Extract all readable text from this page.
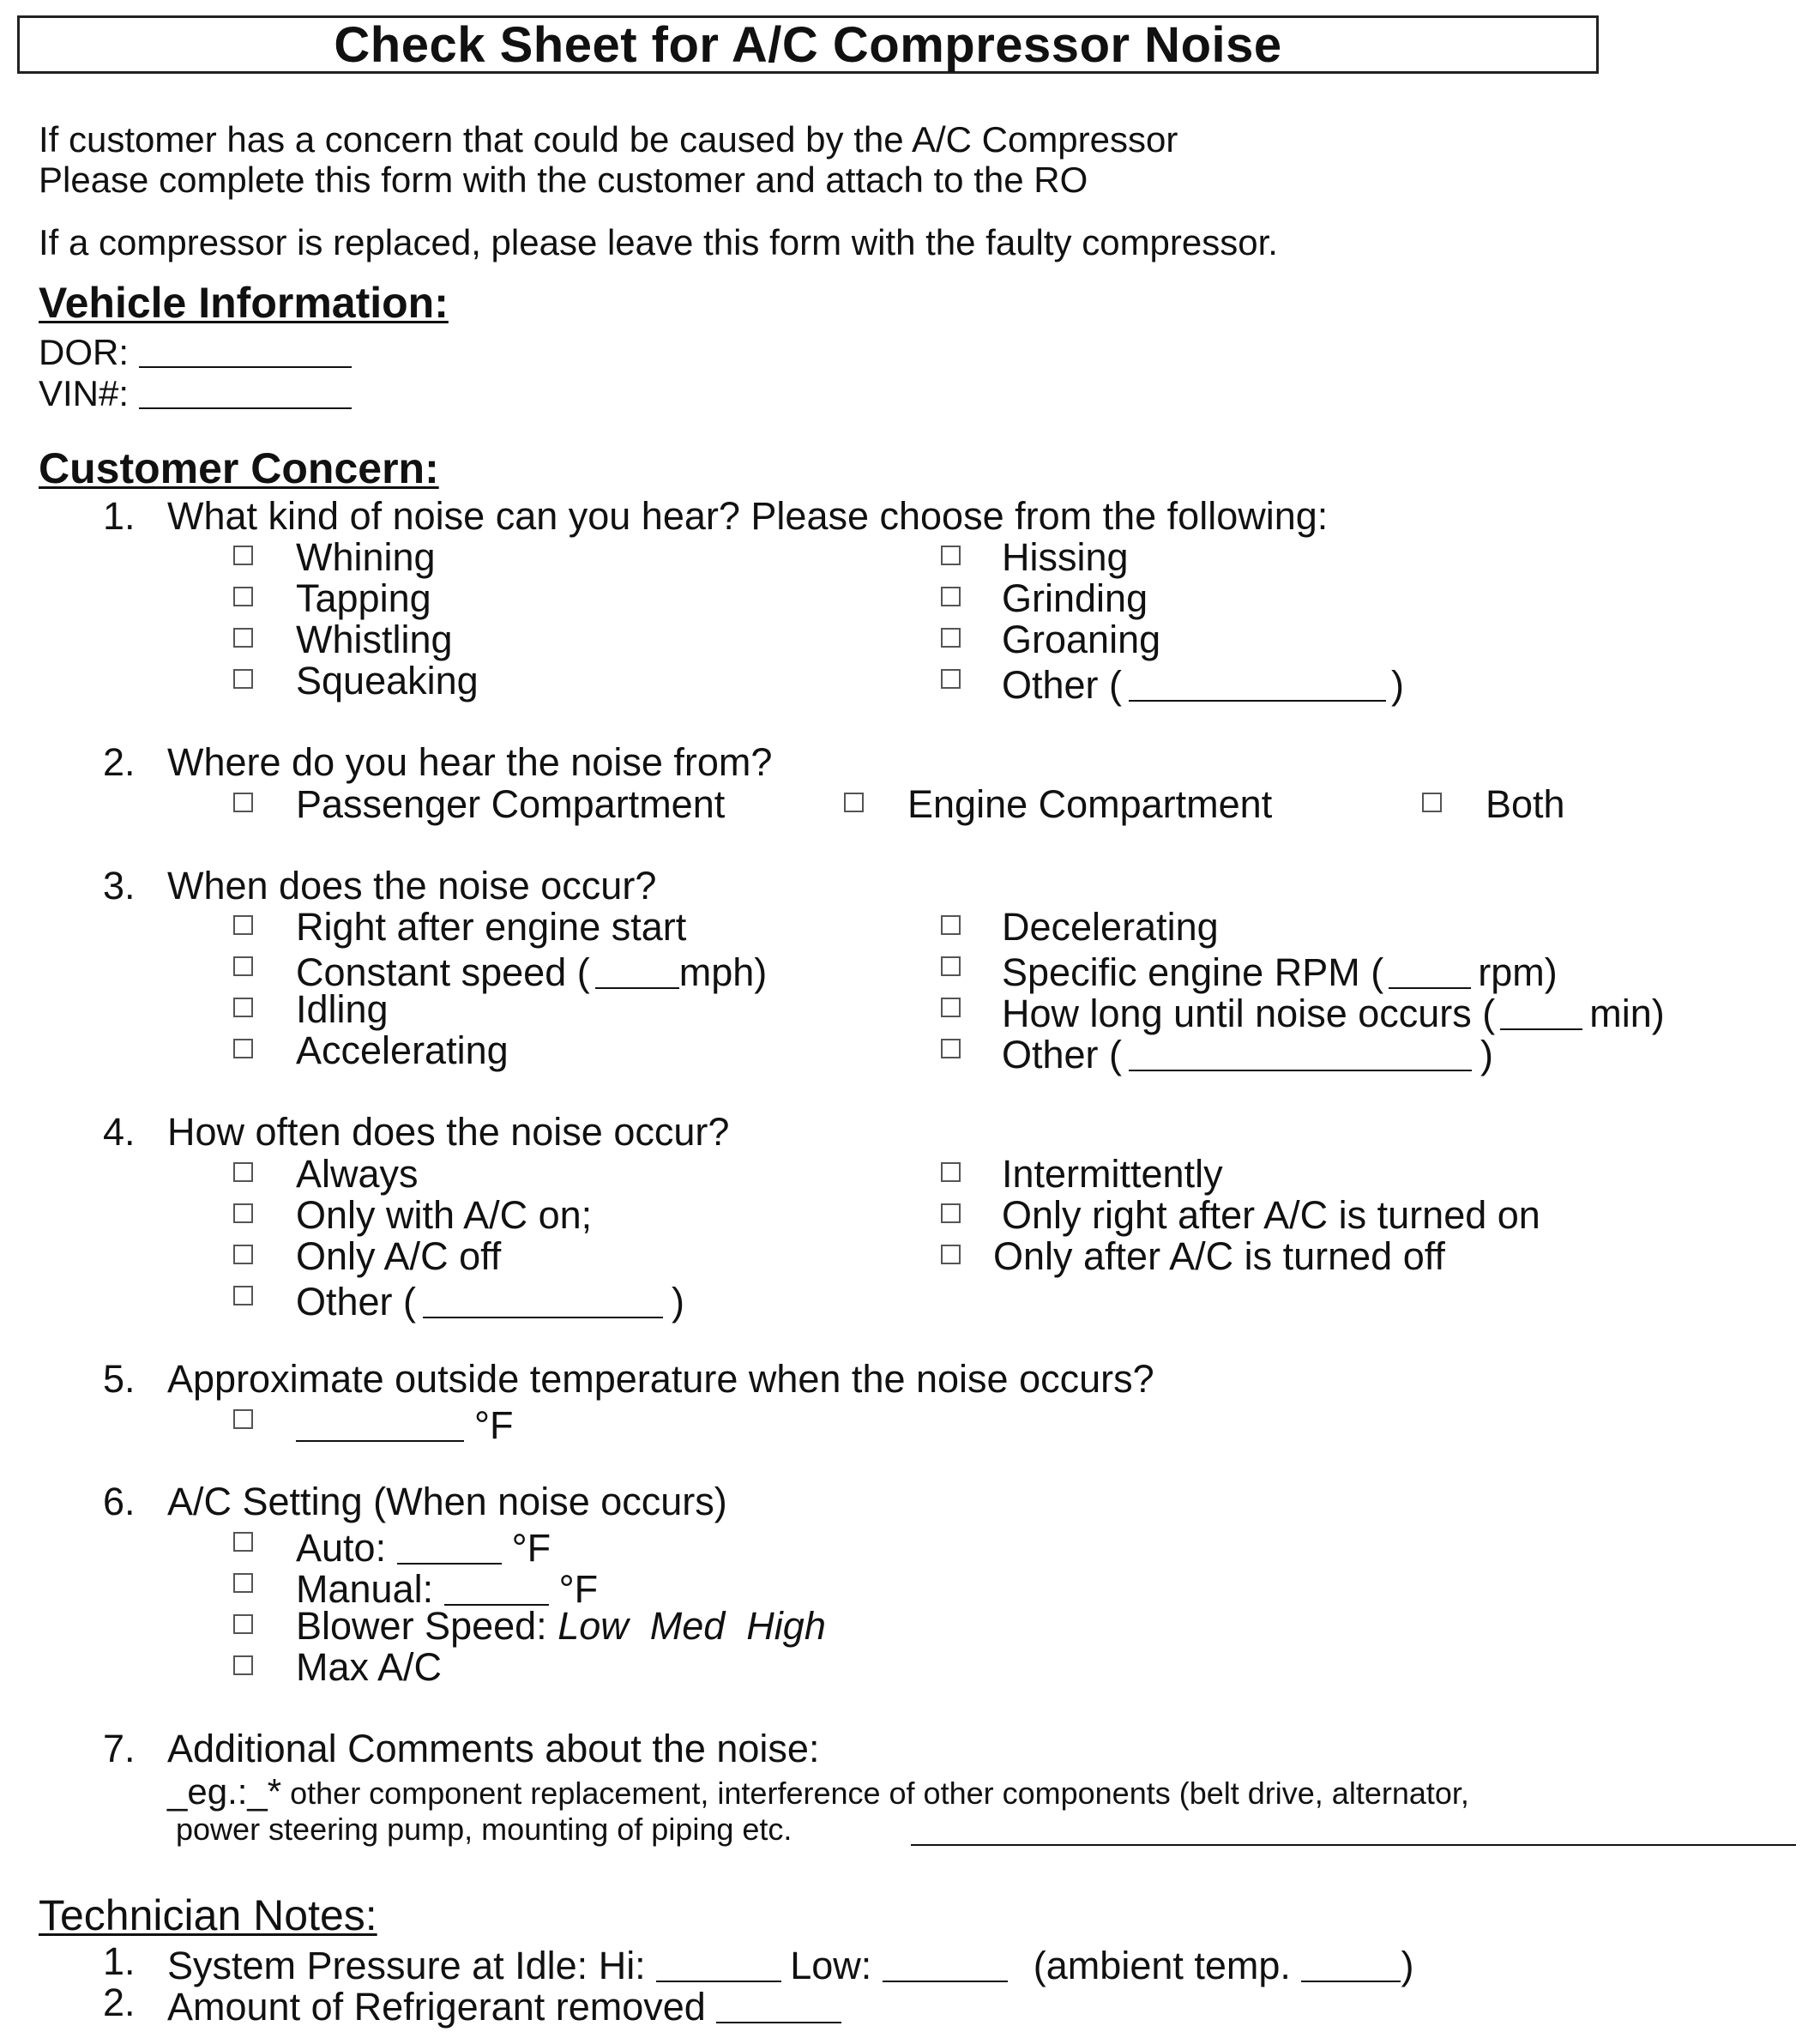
Check Sheet for A/C Compressor Noise
If customer has a concern that could be caused by the A/C Compressor
Please complete this form with the customer and attach to the RO
If a compressor is replaced, please leave this form with the faulty compressor.
Vehicle Information:
DOR:
VIN#:
Customer Concern:
1. What kind of noise can you hear? Please choose from the following:
Whining
Tapping
Whistling
Squeaking
Hissing
Grinding
Groaning
Other (	)
2. Where do you hear the noise from?
Passenger Compartment	Engine Compartment	Both
3. When does the noise occur?
Right after engine start
Constant speed ( mph)
Idling
Accelerating
Decelerating
Specific engine RPM ( rpm)
How long until noise occurs ( min)
Other (	)
4. How often does the noise occur?
Always
Only with A/C on;
Only A/C off
Other (	)
Intermittently
Only right after A/C is turned on
Only after A/C is turned off
5. Approximate outside temperature when the noise occurs?
°F
6. A/C Setting (When noise occurs)
Auto:	°F
Manual:	°F
Blower Speed: Low  Med  High
Max A/C
7. Additional Comments about the noise:
_eg.:_* other component replacement, interference of other components (belt drive, alternator,
power steering pump, mounting of piping etc.
Technician Notes:
1. System Pressure at Idle: Hi:	Low:	(ambient temp.	)
2. Amount of Refrigerant removed
